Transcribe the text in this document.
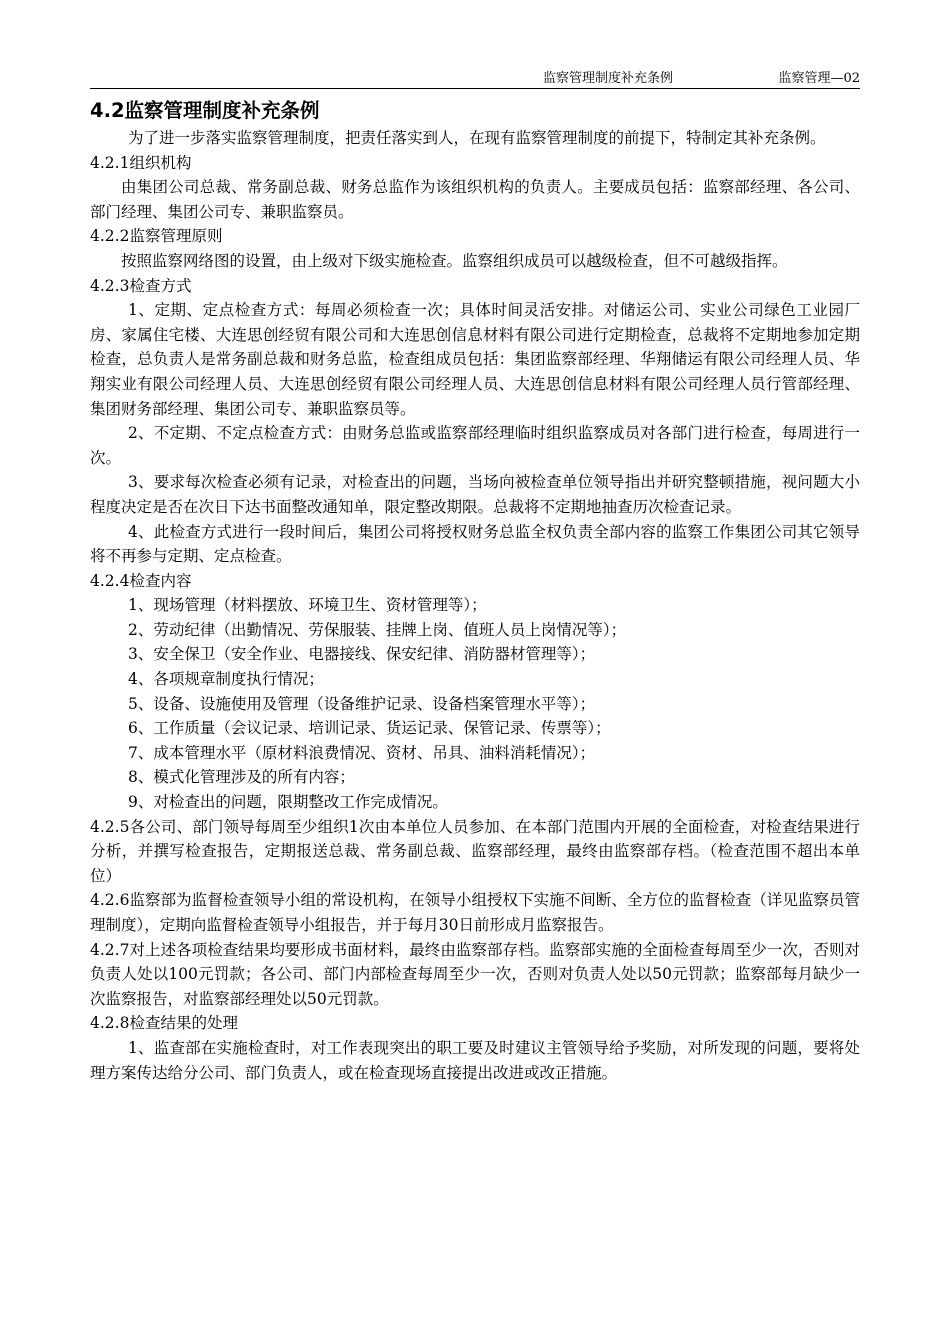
监察管理制度补充条例	监察管理—02
4.2监察管理制度补充条例

为了进一步落实监察管理制度，把责任落实到人，在现有监察管理制度的前提下，特制定其补充条例。

4.2.1组织机构

由集团公司总裁、常务副总裁、财务总监作为该组织机构的负责人。主要成员包括：监察部经理、各公司、部门经理、集团公司专、兼职监察员。

4.2.2监察管理原则

按照监察网络图的设置，由上级对下级实施检查。监察组织成员可以越级检查，但不可越级指挥。

4.2.3检查方式

1、定期、定点检查方式：每周必须检查一次；具体时间灵活安排。对储运公司、实业公司绿色工业园厂房、家属住宅楼、大连思创经贸有限公司和大连思创信息材料有限公司进行定期检查，总裁将不定期地参加定期检查，总负责人是常务副总裁和财务总监，检查组成员包括：集团监察部经理、华翔储运有限公司经理人员、华翔实业有限公司经理人员、大连思创经贸有限公司经理人员、大连思创信息材料有限公司经理人员行管部经理、集团财务部经理、集团公司专、兼职监察员等。

2、不定期、不定点检查方式：由财务总监或监察部经理临时组织监察成员对各部门进行检查，每周进行一次。

3、要求每次检查必须有记录，对检查出的问题，当场向被检查单位领导指出并研究整顿措施，视问题大小程度决定是否在次日下达书面整改通知单，限定整改期限。总裁将不定期地抽查历次检查记录。

4、此检查方式进行一段时间后，集团公司将授权财务总监全权负责全部内容的监察工作集团公司其它领导将不再参与定期、定点检查。

4.2.4检查内容

1、现场管理（材料摆放、环境卫生、资材管理等）；

2、劳动纪律（出勤情况、劳保服装、挂牌上岗、值班人员上岗情况等）；

3、安全保卫（安全作业、电器接线、保安纪律、消防器材管理等）；

4、各项规章制度执行情况；

5、设备、设施使用及管理（设备维护记录、设备档案管理水平等）；

6、工作质量（会议记录、培训记录、货运记录、保管记录、传票等）；

7、成本管理水平（原材料浪费情况、资材、吊具、油料消耗情况）；

8、模式化管理涉及的所有内容；

9、对检查出的问题，限期整改工作完成情况。

4.2.5各公司、部门领导每周至少组织1次由本单位人员参加、在本部门范围内开展的全面检查，对检查结果进行分析，并撰写检查报告，定期报送总裁、常务副总裁、监察部经理，最终由监察部存档。（检查范围不超出本单位）

4.2.6监察部为监督检查领导小组的常设机构，在领导小组授权下实施不间断、全方位的监督检查（详见监察员管理制度），定期向监督检查领导小组报告，并于每月30日前形成月监察报告。

4.2.7对上述各项检查结果均要形成书面材料，最终由监察部存档。监察部实施的全面检查每周至少一次，否则对负责人处以100元罚款；各公司、部门内部检查每周至少一次，否则对负责人处以50元罚款；监察部每月缺少一次监察报告，对监察部经理处以50元罚款。

4.2.8检查结果的处理

1、监查部在实施检查时，对工作表现突出的职工要及时建议主管领导给予奖励，对所发现的问题，要将处理方案传达给分公司、部门负责人，或在检查现场直接提出改进或改正措施。
